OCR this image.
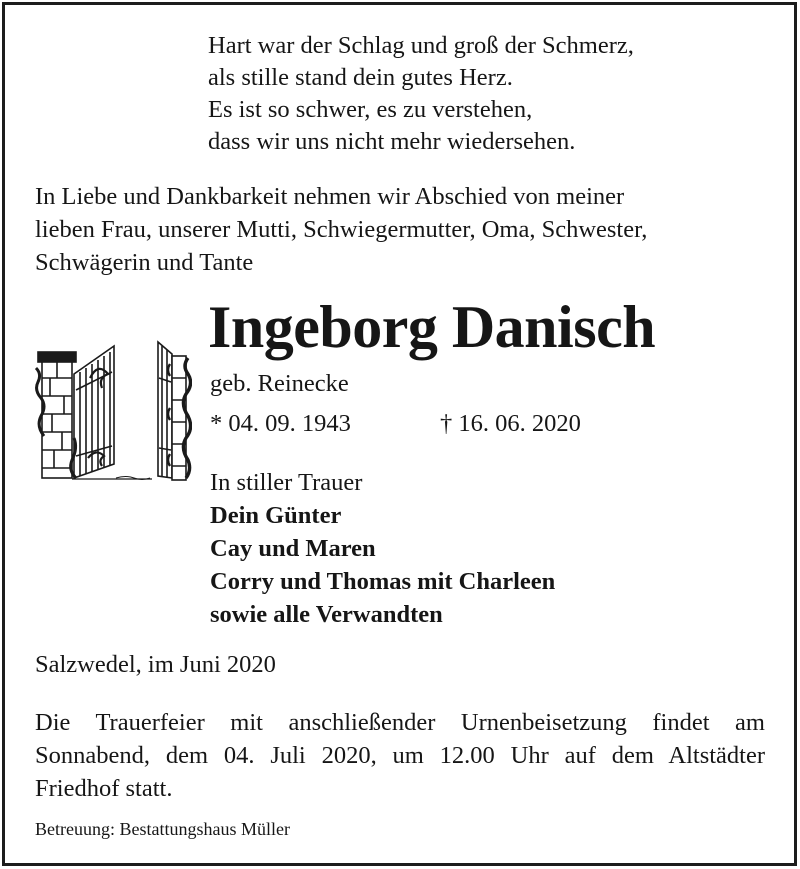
Hart war der Schlag und groß der Schmerz,
als stille stand dein gutes Herz.
Es ist so schwer, es zu verstehen,
dass wir uns nicht mehr wiedersehen.
In Liebe und Dankbarkeit nehmen wir Abschied von meiner
lieben Frau, unserer Mutti, Schwiegermutter, Oma, Schwester,
Schwägerin und Tante
Ingeborg Danisch
geb. Reinecke
* 04. 09. 1943	† 16. 06. 2020
In stiller Trauer
Dein Günter
Cay und Maren
Corry und Thomas mit Charleen
sowie alle Verwandten
Salzwedel, im Juni 2020
Die Trauerfeier mit anschließender Urnenbeisetzung findet am
Sonnabend, dem 04. Juli 2020, um 12.00 Uhr auf dem Altstädter
Friedhof statt.
Betreuung: Bestattungshaus Müller
